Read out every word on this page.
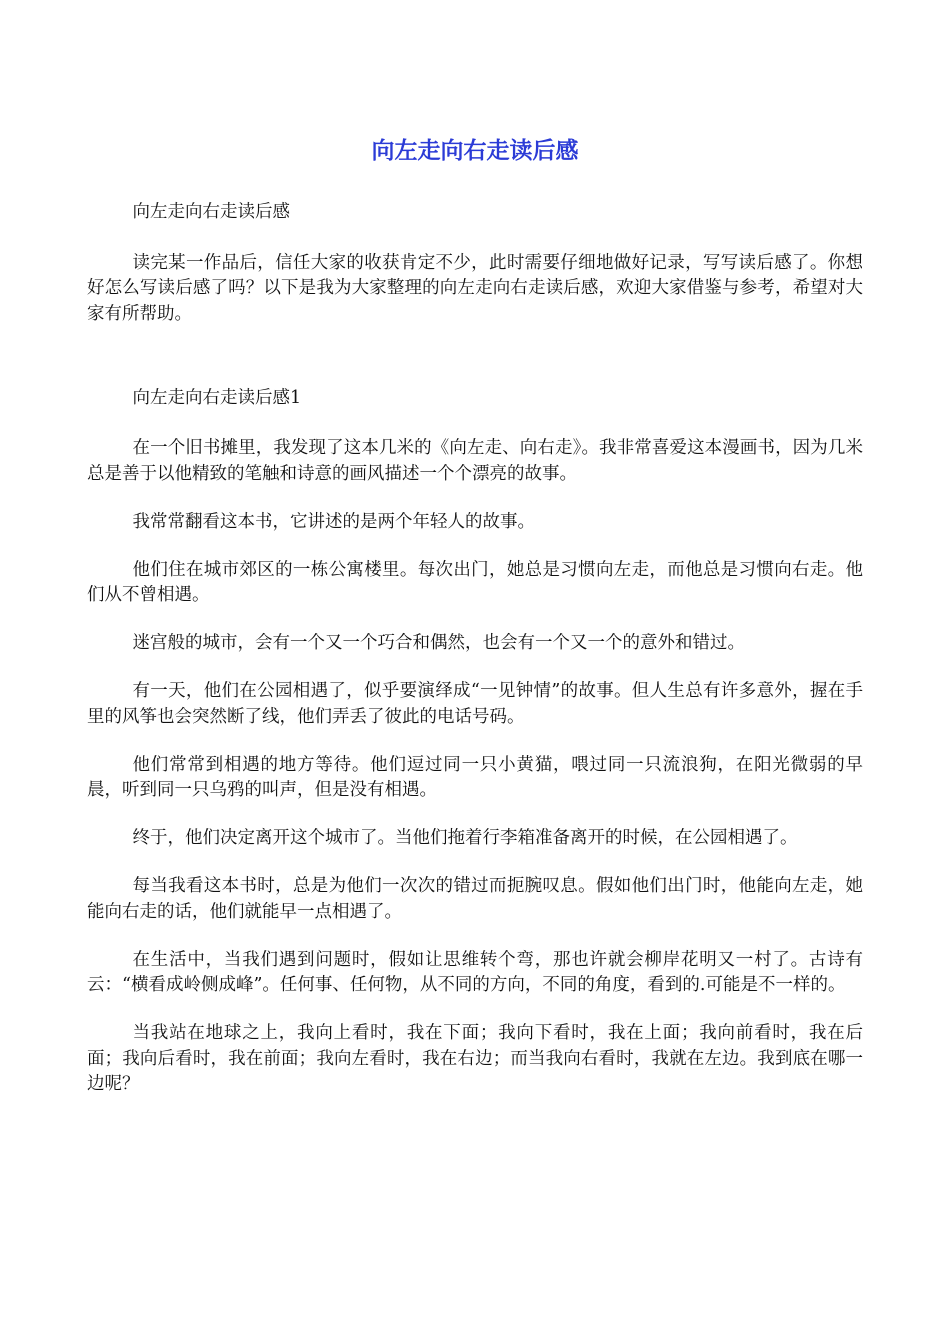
向左走向右走读后感

向左走向右走读后感

读完某一作品后，信任大家的收获肯定不少，此时需要仔细地做好记录，写写读后感了。你想好怎么写读后感了吗？以下是我为大家整理的向左走向右走读后感，欢迎大家借鉴与参考，希望对大家有所帮助。

向左走向右走读后感1

在一个旧书摊里，我发现了这本几米的《向左走、向右走》。我非常喜爱这本漫画书，因为几米总是善于以他精致的笔触和诗意的画风描述一个个漂亮的故事。

我常常翻看这本书，它讲述的是两个年轻人的故事。

他们住在城市郊区的一栋公寓楼里。每次出门，她总是习惯向左走，而他总是习惯向右走。他们从不曾相遇。

迷宫般的城市，会有一个又一个巧合和偶然，也会有一个又一个的意外和错过。

有一天，他们在公园相遇了，似乎要演绎成“一见钟情”的故事。但人生总有许多意外，握在手里的风筝也会突然断了线，他们弄丢了彼此的电话号码。

他们常常到相遇的地方等待。他们逗过同一只小黄猫，喂过同一只流浪狗，在阳光微弱的早晨，听到同一只乌鸦的叫声，但是没有相遇。

终于，他们决定离开这个城市了。当他们拖着行李箱准备离开的时候，在公园相遇了。

每当我看这本书时，总是为他们一次次的错过而扼腕叹息。假如他们出门时，他能向左走，她能向右走的话，他们就能早一点相遇了。

在生活中，当我们遇到问题时，假如让思维转个弯，那也许就会柳岸花明又一村了。古诗有云：“横看成岭侧成峰”。任何事、任何物，从不同的方向，不同的角度，看到的.可能是不一样的。

当我站在地球之上，我向上看时，我在下面；我向下看时，我在上面；我向前看时，我在后面；我向后看时，我在前面；我向左看时，我在右边；而当我向右看时，我就在左边。我到底在哪一边呢？
